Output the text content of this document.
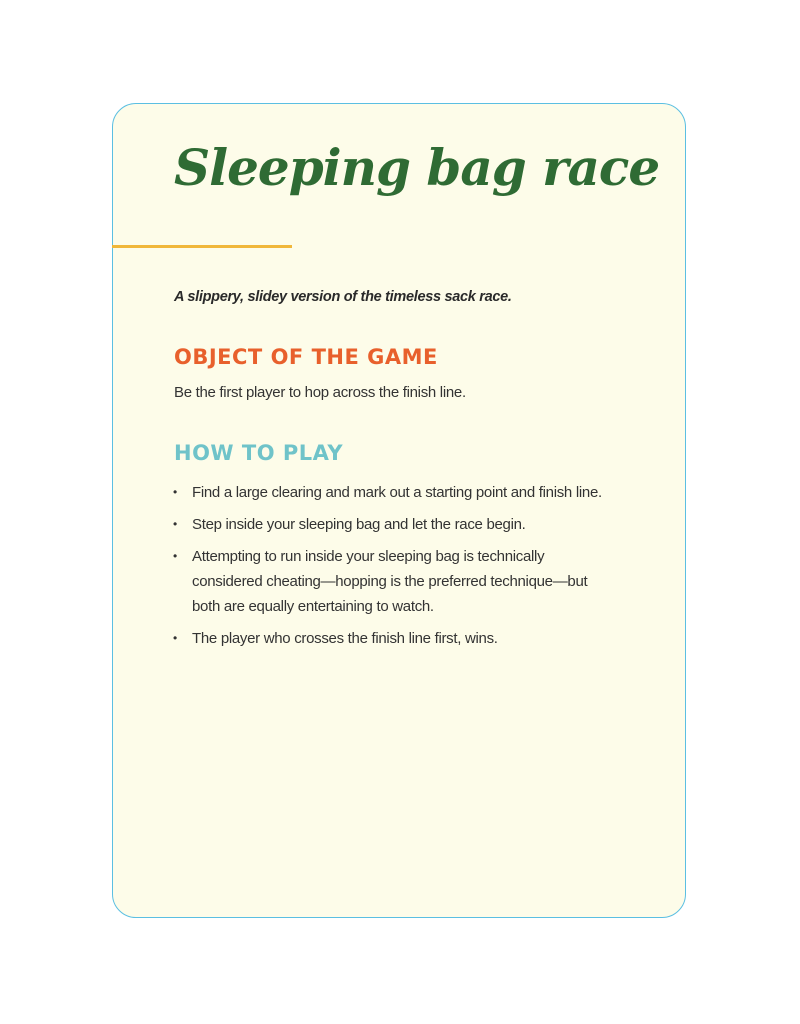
Sleeping bag race

A slippery, slidey version of the timeless sack race.

OBJECT OF THE GAME

Be the first player to hop across the finish line.

HOW TO PLAY
• Find a large clearing and mark out a starting point and finish line.
• Step inside your sleeping bag and let the race begin.
• Attempting to run inside your sleeping bag is technically considered cheating—hopping is the preferred technique—but both are equally entertaining to watch.
• The player who crosses the finish line first, wins.
